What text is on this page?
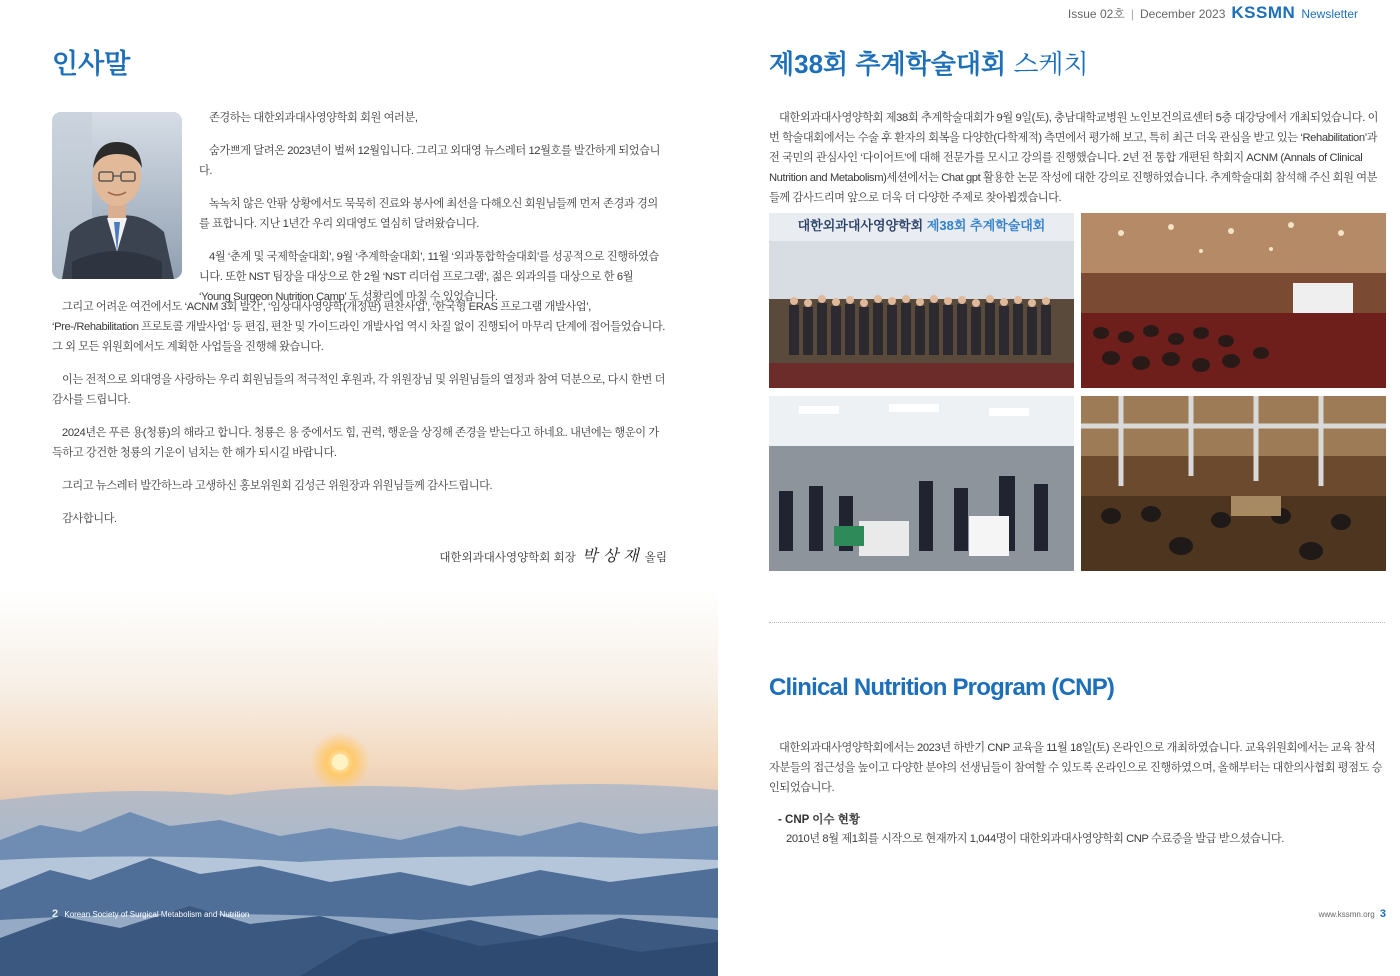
인사말

존경하는 대한외과대사영양학회 회원 여러분,

숨가쁘게 달려온 2023년이 벌써 12월입니다. 그리고 외대영 뉴스레터 12월호를 발간하게 되었습니다.

녹녹치 않은 안팎 상황에서도 묵묵히 진료와 봉사에 최선을 다해오신 회원님들께 먼저 존경과 경의를 표합니다. 지난 1년간 우리 외대영도 열심히 달려왔습니다.

4월 ‘춘계 및 국제학술대회’, 9월 ‘추계학술대회’, 11월 ‘외과통합학술대회’를 성공적으로 진행하였습니다. 또한 NST 팀장을 대상으로 한 2월 ‘NST 리더쉽 프로그램’, 젊은 외과의를 대상으로 한 6월 ‘Young Surgeon Nutrition Camp’ 도 성황리에 마칠 수 있었습니다.

그리고 어려운 여건에서도 ‘ACNM 3회 발간’, ‘임상대사영양학(개정판) 편찬사업’, ‘한국형 ERAS 프로그램 개발사업’, ‘Pre-/Rehabilitation 프로토콜 개발사업’ 등 편집, 편찬 및 가이드라인 개발사업 역시 차질 없이 진행되어 마무리 단계에 접어들었습니다. 그 외 모든 위원회에서도 계획한 사업들을 진행해 왔습니다.

이는 전적으로 외대영을 사랑하는 우리 회원님들의 적극적인 후원과, 각 위원장님 및 위원님들의 열정과 참여 덕분으로, 다시 한번 더 감사를 드립니다.

2024년은 푸른 용(청룡)의 해라고 합니다. 청룡은 용 중에서도 힘, 권력, 행운을 상징해 존경을 받는다고 하네요. 내년에는 행운이 가득하고 강건한 청룡의 기운이 넘치는 한 해가 되시길 바랍니다.

그리고 뉴스레터 발간하느라 고생하신 홍보위원회 김성근 위원장과 위원님들께 감사드립니다.

감사합니다.

대한외과대사영양학회 회장 박 상 재 올림
2 Korean Society of Surgical Metabolism and Nutrition
Issue 02호 | December 2023 KSSMN Newsletter
제38회 추계학술대회 스케치

대한외과대사영양학회 제38회 추계학술대회가 9월 9일(토), 충남대학교병원 노인보건의료센터 5층 대강당에서 개최되었습니다. 이번 학술대회에서는 수술 후 환자의 회복을 다양한(다학제적) 측면에서 평가해 보고, 특히 최근 더욱 관심을 받고 있는 ‘Rehabilitation’과 전 국민의 관심사인 ‘다이어트’에 대해 전문가를 모시고 강의를 진행했습니다. 2년 전 통합 개편된 학회지 ACNM (Annals of Clinical Nutrition and Metabolism)세션에서는 Chat gpt 활용한 논문 작성에 대한 강의로 진행하였습니다. 추계학술대회 참석해 주신 회원 여분들께 감사드리며 앞으로 더욱 더 다양한 주제로 찾아뵙겠습니다.

대한외과대사영양학회 제38회 추계학술대회
Clinical Nutrition Program (CNP)

대한외과대사영양학회에서는 2023년 하반기 CNP 교육을 11월 18일(토) 온라인으로 개최하였습니다. 교육위원회에서는 교육 참석자분들의 접근성을 높이고 다양한 분야의 선생님들이 참여할 수 있도록 온라인으로 진행하였으며, 올해부터는 대한의사협회 평점도 승인되었습니다.

- CNP 이수 현황
2010년 8월 제1회를 시작으로 현재까지 1,044명이 대한외과대사영양학회 CNP 수료증을 발급 받으셨습니다.
www.kssmn.org 3
